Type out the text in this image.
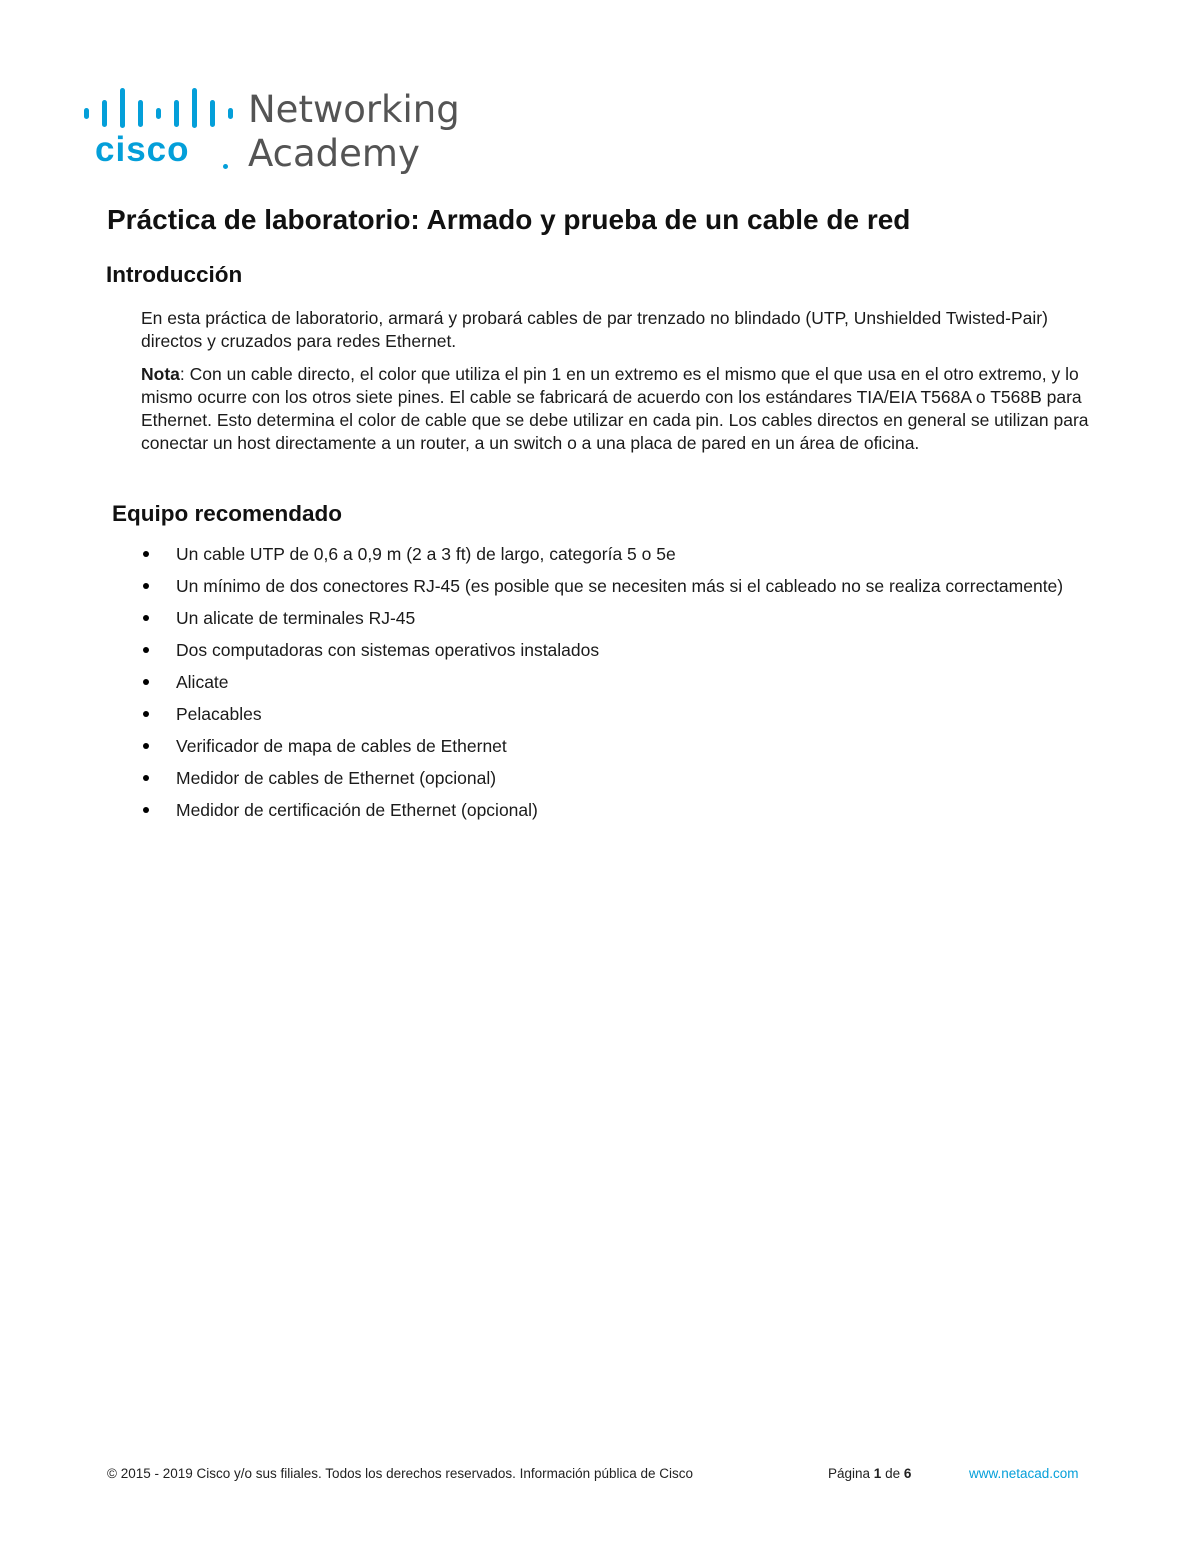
cisco
Networking
Academy
Práctica de laboratorio: Armado y prueba de un cable de red
Introducción

En esta práctica de laboratorio, armará y probará cables de par trenzado no blindado (UTP, Unshielded Twisted-Pair) directos y cruzados para redes Ethernet.

Nota: Con un cable directo, el color que utiliza el pin 1 en un extremo es el mismo que el que usa en el otro extremo, y lo mismo ocurre con los otros siete pines. El cable se fabricará de acuerdo con los estándares TIA/EIA T568A o T568B para Ethernet. Esto determina el color de cable que se debe utilizar en cada pin. Los cables directos en general se utilizan para conectar un host directamente a un router, a un switch o a una placa de pared en un área de oficina.

Equipo recomendado
Un cable UTP de 0,6 a 0,9 m (2 a 3 ft) de largo, categoría 5 o 5e
Un mínimo de dos conectores RJ-45 (es posible que se necesiten más si el cableado no se realiza correctamente)
Un alicate de terminales RJ-45
Dos computadoras con sistemas operativos instalados
Alicate
Pelacables
Verificador de mapa de cables de Ethernet
Medidor de cables de Ethernet (opcional)
Medidor de certificación de Ethernet (opcional)
© 2015 - 2019 Cisco y/o sus filiales. Todos los derechos reservados. Información pública de Cisco	Página 1 de 6	www.netacad.com
